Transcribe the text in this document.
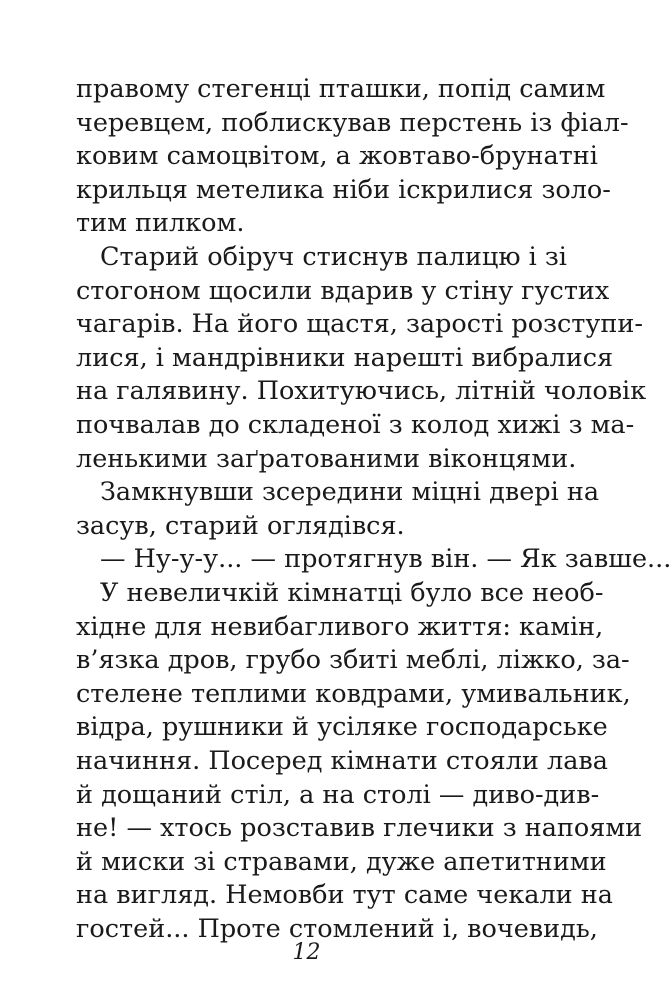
правому стегенці пташки, попід самим
черевцем, поблискував перстень із фіал-
ковим самоцвітом, а жовтаво-брунатні
крильця метелика ніби іскрилися золо-
тим пилком.
Старий обіруч стиснув палицю і зі
стогоном щосили вдарив у стіну густих
чагарів. На його щастя, зарості розступи-
лися, і мандрівники нарешті вибралися
на галявину. Похитуючись, літній чоловік
почвалав до складеної з колод хижі з ма-
ленькими заґратованими віконцями.
Замкнувши зсередини міцні двері на
засув, старий оглядівся.
— Ну-у-у... — протягнув він. — Як завше...
У невеличкій кімнатці було все необ-
хідне для невибагливого життя: камін,
в’язка дров, грубо збиті меблі, ліжко, за-
стелене теплими ковдрами, умивальник,
відра, рушники й усіляке господарське
начиння. Посеред кімнати стояли лава
й дощаний стіл, а на столі — диво-див-
не! — хтось розставив глечики з напоями
й миски зі стравами, дуже апетитними
на вигляд. Немовби тут саме чекали на
гостей... Проте стомлений і, вочевидь,
12
